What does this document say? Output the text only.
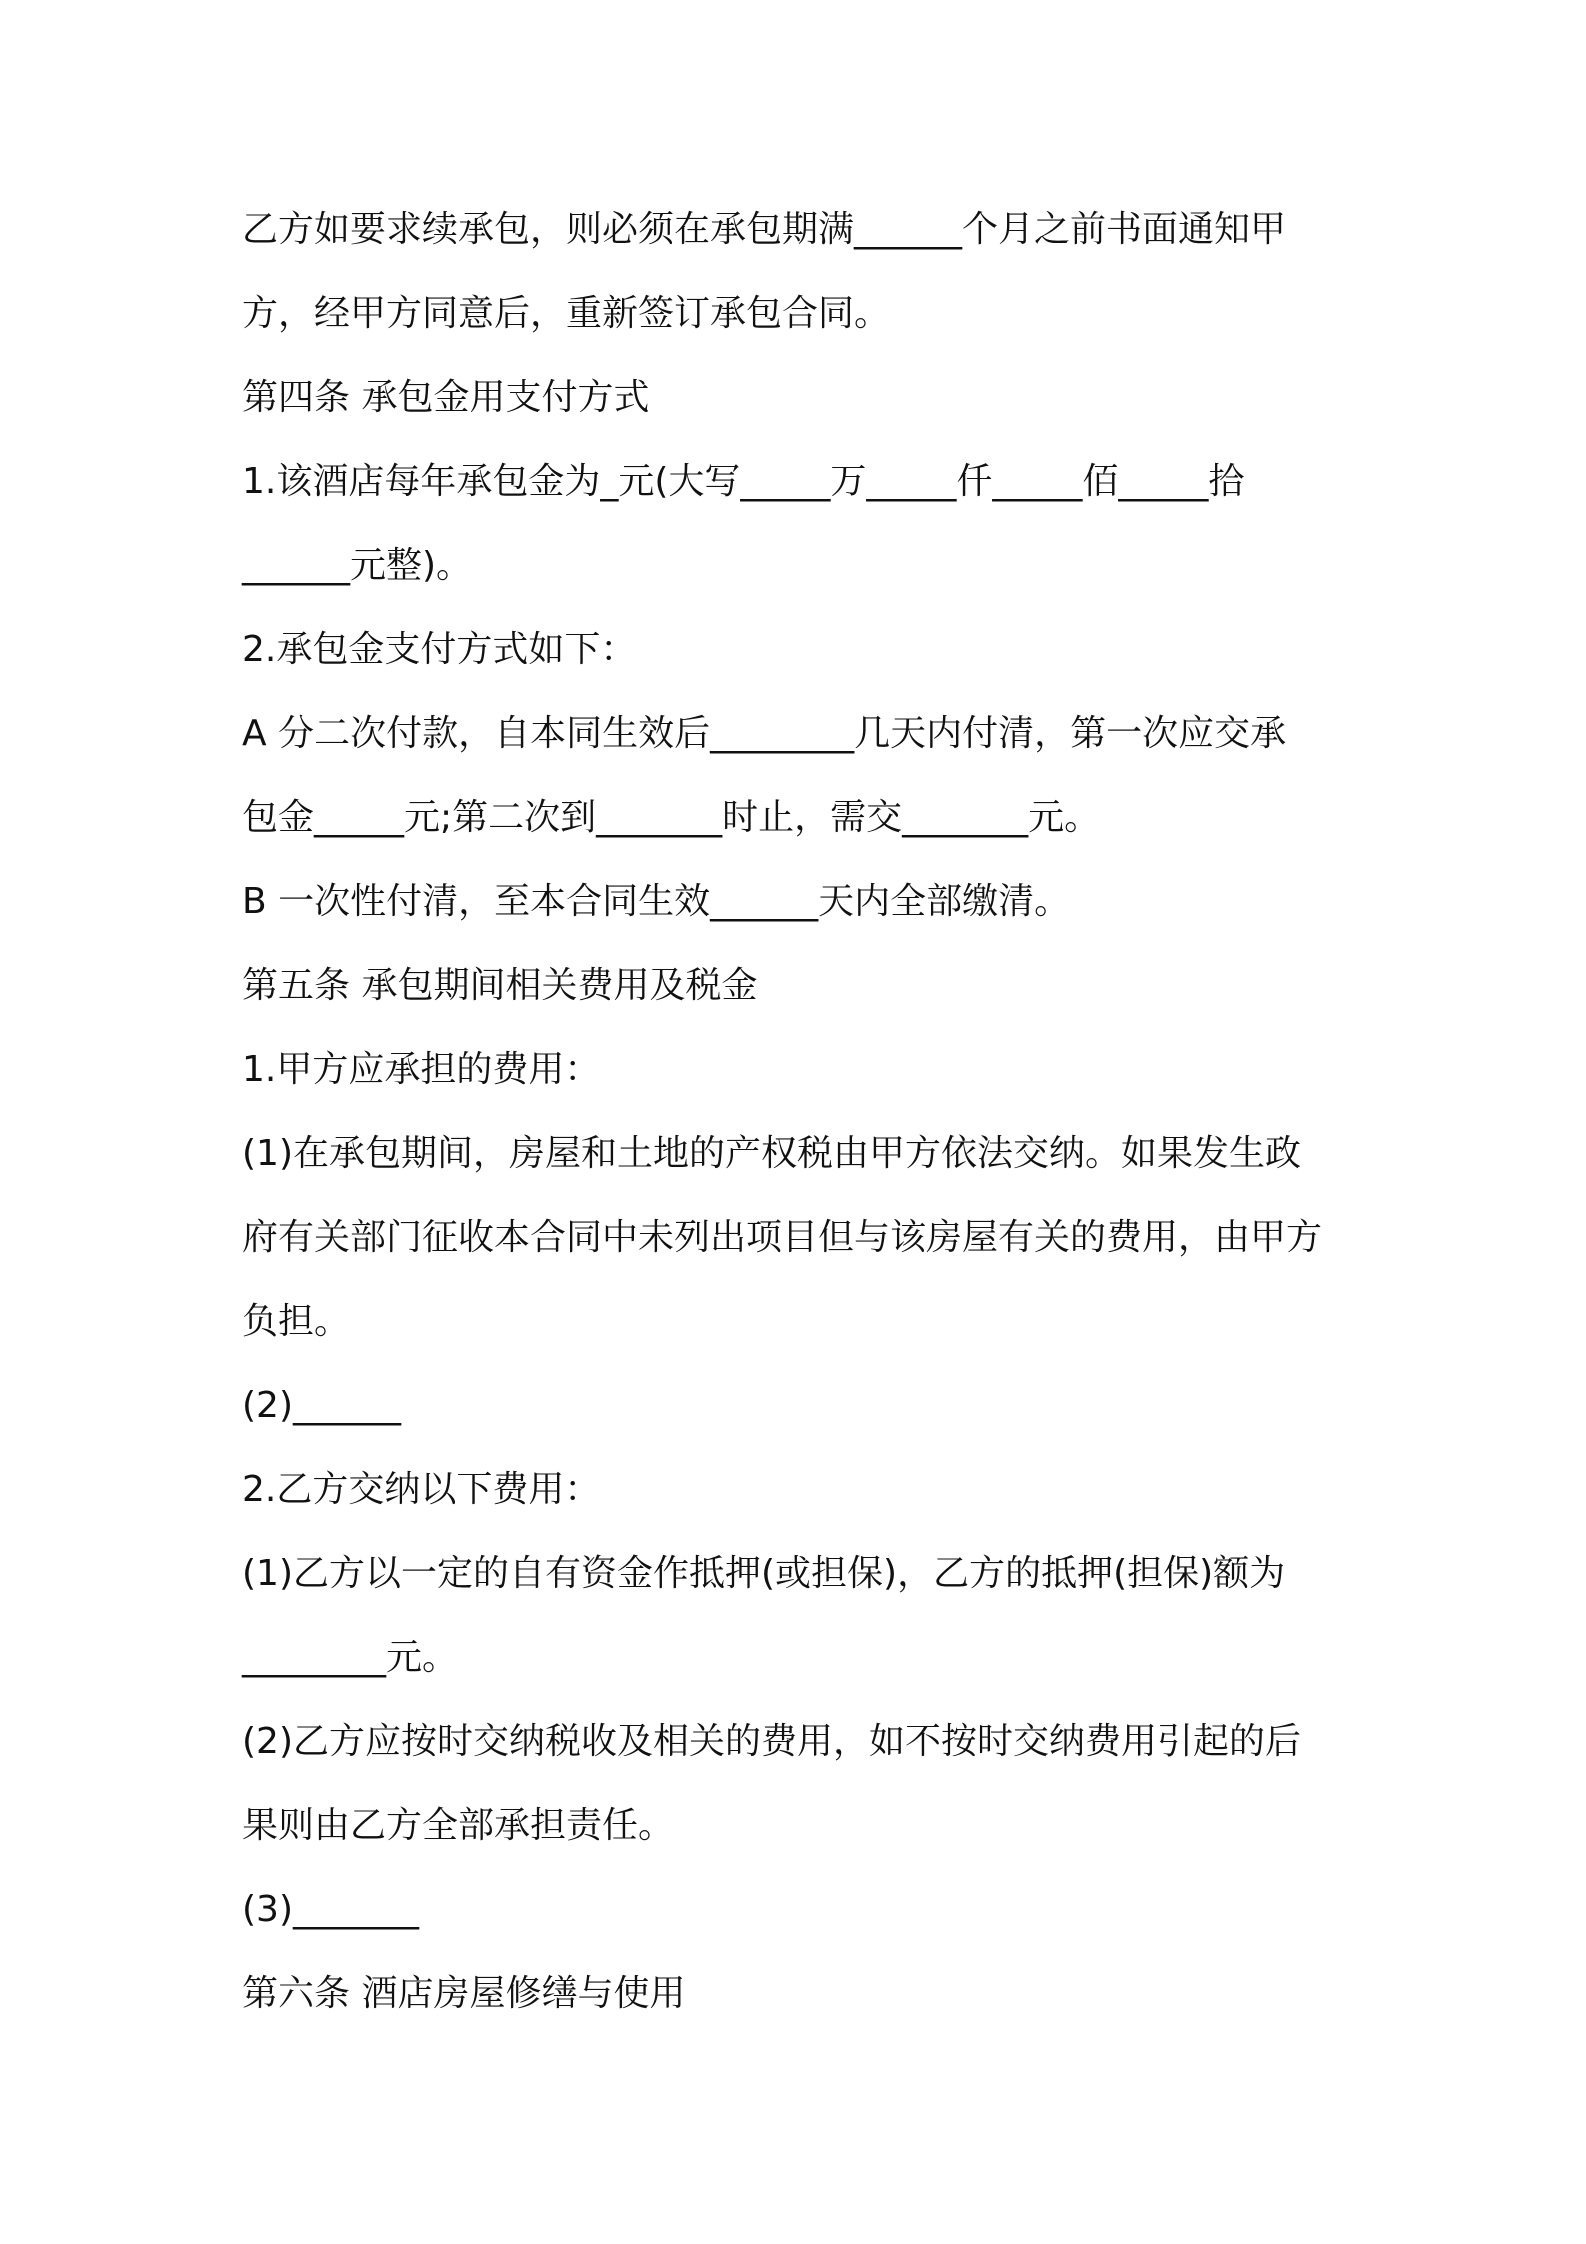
乙方如要求续承包，则必须在承包期满______个月之前书面通知甲
方，经甲方同意后，重新签订承包合同。
第四条 承包金用支付方式
1.该酒店每年承包金为_元(大写_____万_____仟_____佰_____拾
______元整)。
2.承包金支付方式如下：
A 分二次付款，自本同生效后________几天内付清，第一次应交承
包金_____元;第二次到_______时止，需交_______元。
B 一次性付清，至本合同生效______天内全部缴清。
第五条 承包期间相关费用及税金
1.甲方应承担的费用：
(1)在承包期间，房屋和土地的产权税由甲方依法交纳。如果发生政
府有关部门征收本合同中未列出项目但与该房屋有关的费用，由甲方
负担。
(2)______
2.乙方交纳以下费用：
(1)乙方以一定的自有资金作抵押(或担保)，乙方的抵押(担保)额为
________元。
(2)乙方应按时交纳税收及相关的费用，如不按时交纳费用引起的后
果则由乙方全部承担责任。
(3)_______
第六条 酒店房屋修缮与使用
